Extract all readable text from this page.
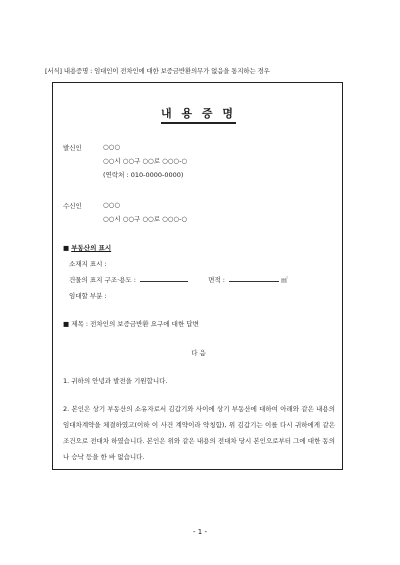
[서식] 내용증명 : 임대인이 전차인에 대한 보증금반환의무가 없음을 통지하는 경우
내 용 증 명
발신인	○○○
○○시 ○○구 ○○로 ○○○-○
(연락처 : 010-0000-0000)
수신인	○○○
○○시 ○○구 ○○로 ○○○-○
■ 부동산의 표시
소재지 표시 :
건물의 표지 구조·용도 :	면적 :	㎡
임대할 부분 :
■ 제목 : 전차인의 보증금반환 요구에 대한 답변
다 음
1. 귀하의 안녕과 발전을 기원합니다.
2. 본인은 상기 부동산의 소유자로서 김갑기와 사이에 상기 부동산에 대하여 아래와 같은 내용의 임대차계약을 체결하였고(이하 이 사건 계약이라 약칭함), 위 김갑기는 이를 다시 귀하에게 같은 조건으로 전대차 하였습니다. 본인은 위와 같은 내용의 전대차 당시 본인으로부터 그에 대한 동의나 승낙 등을 한 바 없습니다.
- 1 -
